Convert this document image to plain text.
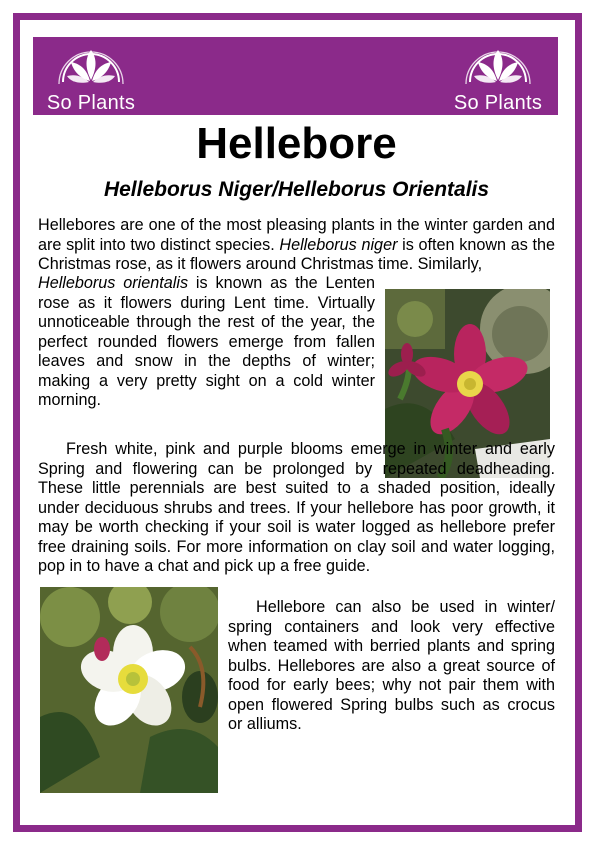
So Plants	So Plants
Hellebore
Helleborus Niger/Helleborus Orientalis

Hellebores are one of the most pleasing plants in the winter garden and are split into two distinct species. Helleborus niger is often known as the Christmas rose, as it flowers around Christmas time. Similarly,

Helleborus orientalis is known as the Lenten rose as it flowers during Lent time. Virtually unnoticeable through the rest of the year, the perfect rounded flowers emerge from fallen leaves and snow in the depths of winter; making a very pretty sight on a cold winter morning.

Fresh white, pink and purple blooms emerge in winter and early Spring and flowering can be prolonged by repeated deadheading. These little perennials are best suited to a shaded position, ideally under deciduous shrubs and trees. If your hellebore has poor growth, it may be worth checking if your soil is water logged as hellebore prefer free draining soils. For more information on clay soil and water logging, pop in to have a chat and pick up a free guide.

Hellebore can also be used in winter/ spring containers and look very effective when teamed with berried plants and spring bulbs. Hellebores are also a great source of food for early bees; why not pair them with open flowered Spring bulbs such as crocus or alliums.
